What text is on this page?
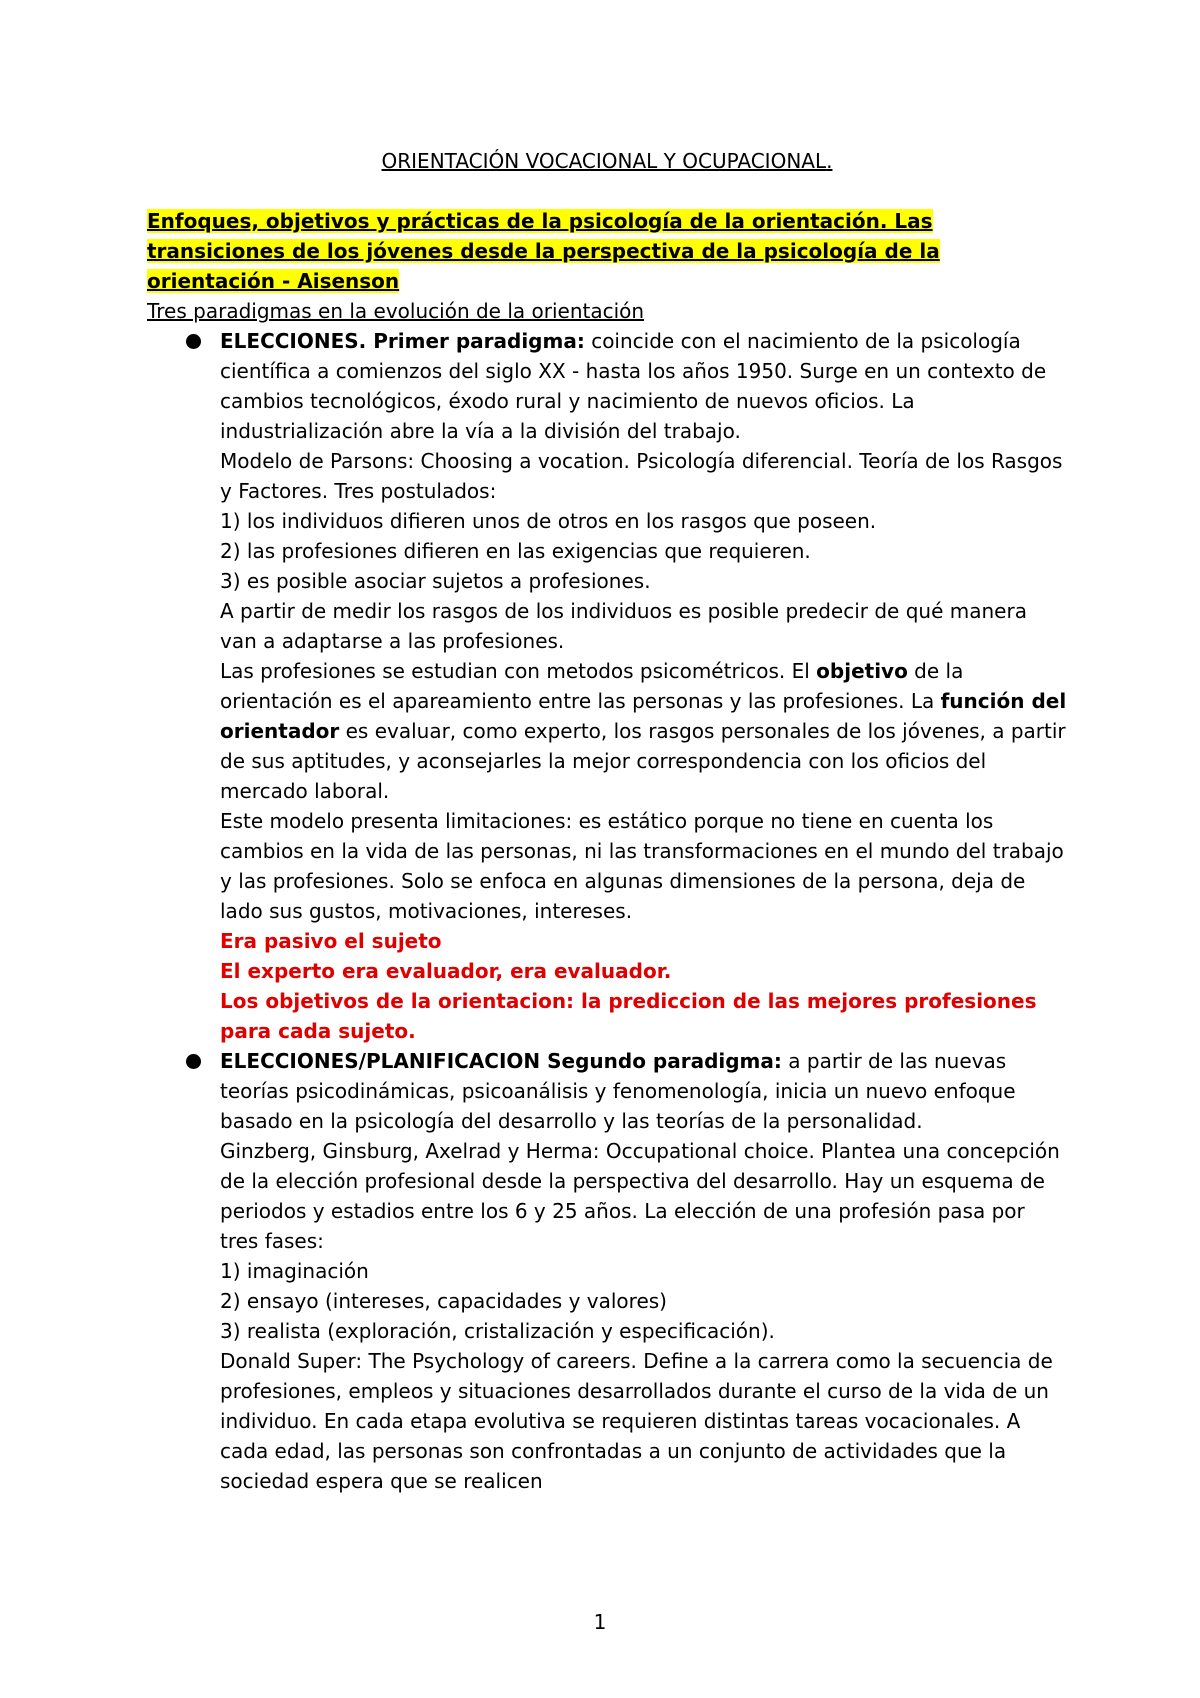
ORIENTACIÓN VOCACIONAL Y OCUPACIONAL.

Enfoques, objetivos y prácticas de la psicología de la orientación. Las transiciones de los jóvenes desde la perspectiva de la psicología de la orientación - Aisenson

Tres paradigmas en la evolución de la orientación

ELECCIONES. Primer paradigma: coincide con el nacimiento de la psicología científica a comienzos del siglo XX - hasta los años 1950. Surge en un contexto de cambios tecnológicos, éxodo rural y nacimiento de nuevos oficios. La industrialización abre la vía a la división del trabajo.
Modelo de Parsons: Choosing a vocation. Psicología diferencial. Teoría de los Rasgos y Factores. Tres postulados:
1) los individuos difieren unos de otros en los rasgos que poseen.
2) las profesiones difieren en las exigencias que requieren.
3) es posible asociar sujetos a profesiones.
A partir de medir los rasgos de los individuos es posible predecir de qué manera van a adaptarse a las profesiones.
Las profesiones se estudian con metodos psicométricos. El objetivo de la orientación es el apareamiento entre las personas y las profesiones. La función del orientador es evaluar, como experto, los rasgos personales de los jóvenes, a partir de sus aptitudes, y aconsejarles la mejor correspondencia con los oficios del mercado laboral.
Este modelo presenta limitaciones: es estático porque no tiene en cuenta los cambios en la vida de las personas, ni las transformaciones en el mundo del trabajo y las profesiones. Solo se enfoca en algunas dimensiones de la persona, deja de lado sus gustos, motivaciones, intereses.
Era pasivo el sujeto
El experto era evaluador, era evaluador.
Los objetivos de la orientacion: la prediccion de las mejores profesiones para cada sujeto.
ELECCIONES/PLANIFICACION Segundo paradigma: a partir de las nuevas teorías psicodinámicas, psicoanálisis y fenomenología, inicia un nuevo enfoque basado en la psicología del desarrollo y las teorías de la personalidad.
Ginzberg, Ginsburg, Axelrad y Herma: Occupational choice. Plantea una concepción de la elección profesional desde la perspectiva del desarrollo. Hay un esquema de periodos y estadios entre los 6 y 25 años. La elección de una profesión pasa por tres fases:
1) imaginación
2) ensayo (intereses, capacidades y valores)
3) realista (exploración, cristalización y especificación).
Donald Super: The Psychology of careers. Define a la carrera como la secuencia de profesiones, empleos y situaciones desarrollados durante el curso de la vida de un individuo. En cada etapa evolutiva se requieren distintas tareas vocacionales. A cada edad, las personas son confrontadas a un conjunto de actividades que la sociedad espera que se realicen
1
